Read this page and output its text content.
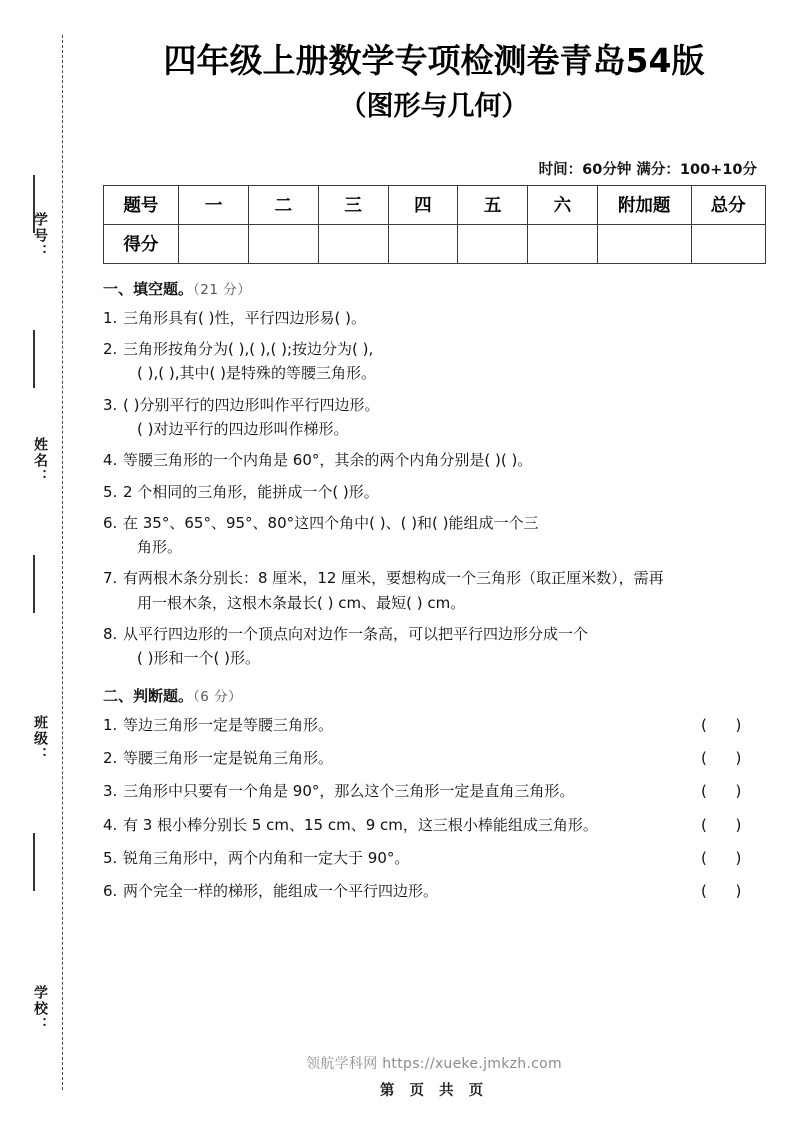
学号：
姓名：
班级：
学校：
四年级上册数学专项检测卷青岛54版
（图形与几何）
时间：60分钟 满分：100+10分
题号	一	二	三	四	五	六	附加题	总分
得分								
一、填空题。（21 分）
1. 三角形具有( )性，平行四边形易( )。
2. 三角形按角分为( ),( ),( );按边分为( ),
( ),( ),其中( )是特殊的等腰三角形。
3. ( )分别平行的四边形叫作平行四边形。
( )对边平行的四边形叫作梯形。
4. 等腰三角形的一个内角是 60°，其余的两个内角分别是( )( )。
5. 2 个相同的三角形，能拼成一个( )形。
6. 在 35°、65°、95°、80°这四个角中( )、( )和( )能组成一个三
角形。
7. 有两根木条分别长：8 厘米，12 厘米，要想构成一个三角形（取正厘米数），需再
用一根木条，这根木条最长( ) cm、最短( ) cm。
8. 从平行四边形的一个顶点向对边作一条高，可以把平行四边形分成一个
( )形和一个( )形。
二、判断题。（6 分）
1. 等边三角形一定是等腰三角形。	(      )
2. 等腰三角形一定是锐角三角形。	(      )
3. 三角形中只要有一个角是 90°，那么这个三角形一定是直角三角形。	(      )
4. 有 3 根小棒分别长 5 cm、15 cm、9 cm，这三根小棒能组成三角形。	(      )
5. 锐角三角形中，两个内角和一定大于 90°。	(      )
6. 两个完全一样的梯形，能组成一个平行四边形。	(      )
领航学科网 https://xueke.jmkzh.com
第 页 共 页
